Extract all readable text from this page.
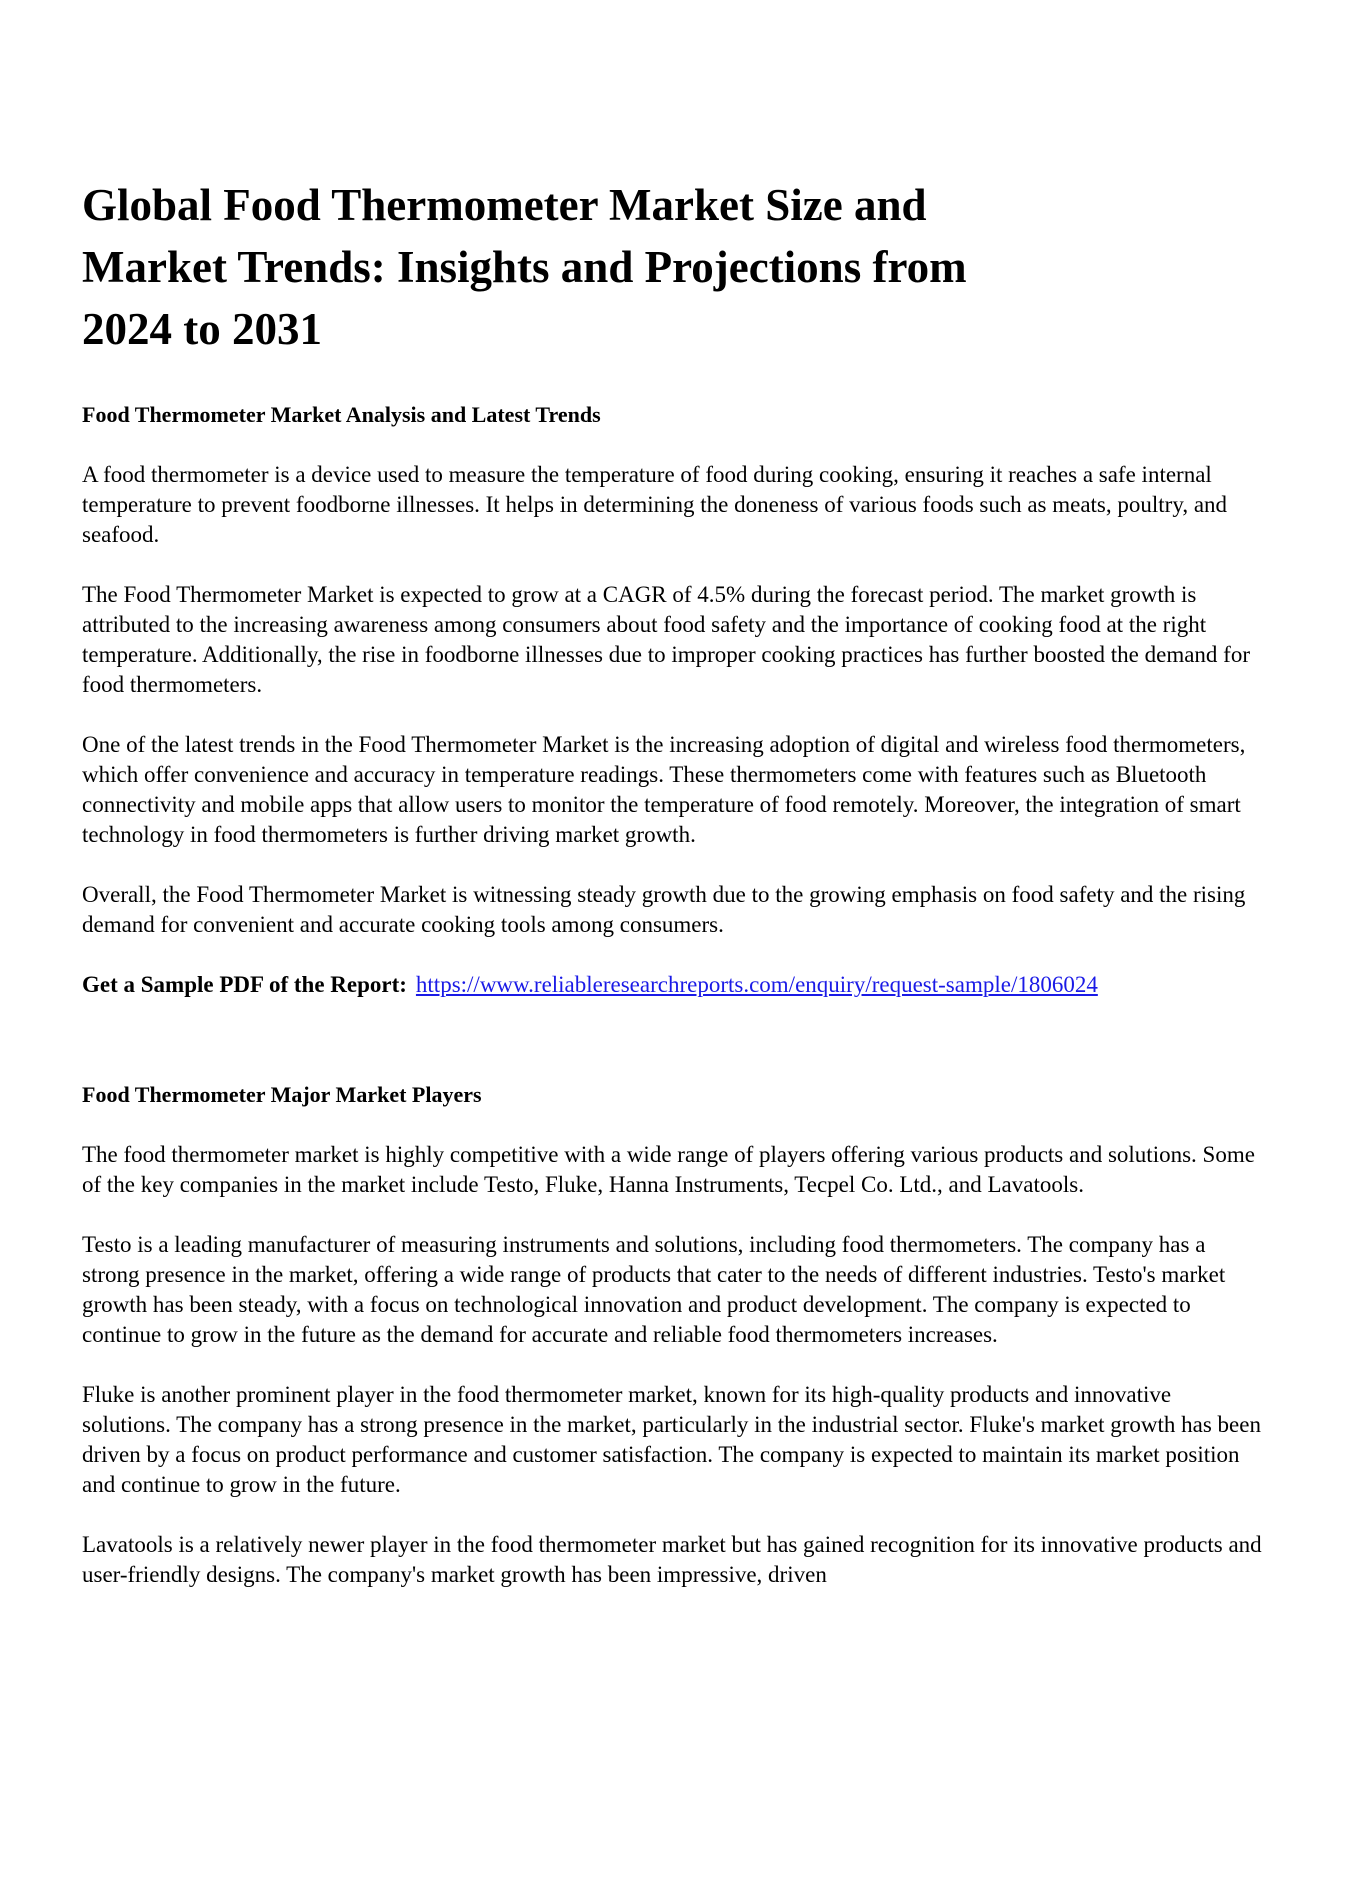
Global Food Thermometer Market Size and Market Trends: Insights and Projections from 2024 to 2031
Food Thermometer Market Analysis and Latest Trends

A food thermometer is a device used to measure the temperature of food during cooking, ensuring it reaches a safe internal temperature to prevent foodborne illnesses. It helps in determining the doneness of various foods such as meats, poultry, and seafood.

The Food Thermometer Market is expected to grow at a CAGR of 4.5% during the forecast period. The market growth is attributed to the increasing awareness among consumers about food safety and the importance of cooking food at the right temperature. Additionally, the rise in foodborne illnesses due to improper cooking practices has further boosted the demand for food thermometers.

One of the latest trends in the Food Thermometer Market is the increasing adoption of digital and wireless food thermometers, which offer convenience and accuracy in temperature readings. These thermometers come with features such as Bluetooth connectivity and mobile apps that allow users to monitor the temperature of food remotely. Moreover, the integration of smart technology in food thermometers is further driving market growth.

Overall, the Food Thermometer Market is witnessing steady growth due to the growing emphasis on food safety and the rising demand for convenient and accurate cooking tools among consumers.

Get a Sample PDF of the Report: https://www.reliableresearchreports.com/enquiry/request-sample/1806024

Food Thermometer Major Market Players

The food thermometer market is highly competitive with a wide range of players offering various products and solutions. Some of the key companies in the market include Testo, Fluke, Hanna Instruments, Tecpel Co. Ltd., and Lavatools.

Testo is a leading manufacturer of measuring instruments and solutions, including food thermometers. The company has a strong presence in the market, offering a wide range of products that cater to the needs of different industries. Testo's market growth has been steady, with a focus on technological innovation and product development. The company is expected to continue to grow in the future as the demand for accurate and reliable food thermometers increases.

Fluke is another prominent player in the food thermometer market, known for its high-quality products and innovative solutions. The company has a strong presence in the market, particularly in the industrial sector. Fluke's market growth has been driven by a focus on product performance and customer satisfaction. The company is expected to maintain its market position and continue to grow in the future.

Lavatools is a relatively newer player in the food thermometer market but has gained recognition for its innovative products and user-friendly designs. The company's market growth has been impressive, driven
